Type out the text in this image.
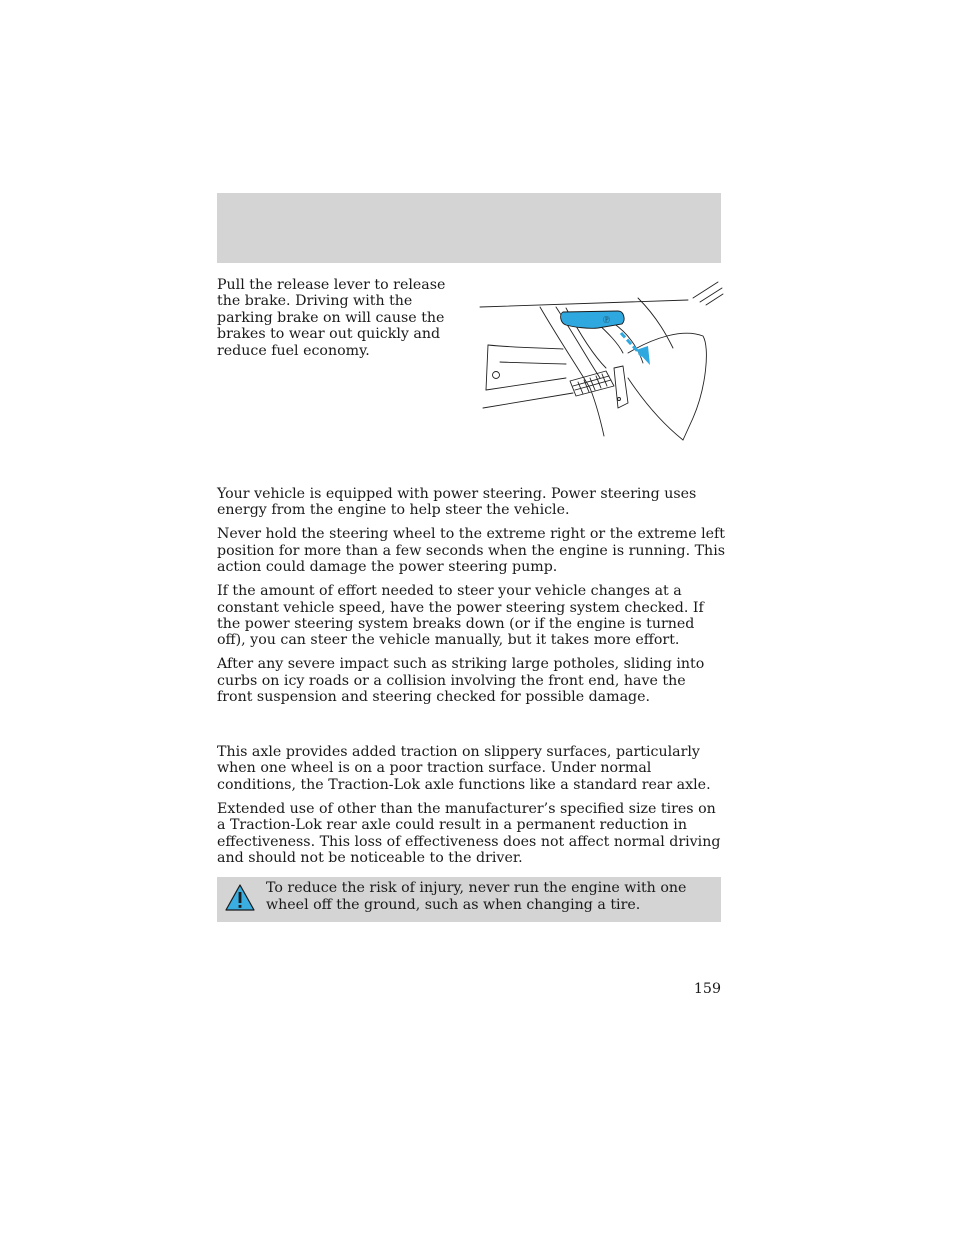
Pull the release lever to release the brake. Driving with the parking brake on will cause the brakes to wear out quickly and reduce fuel economy.
Ⓟ

Your vehicle is equipped with power steering. Power steering uses energy from the engine to help steer the vehicle.

Never hold the steering wheel to the extreme right or the extreme left position for more than a few seconds when the engine is running. This action could damage the power steering pump.

If the amount of effort needed to steer your vehicle changes at a constant vehicle speed, have the power steering system checked. If the power steering system breaks down (or if the engine is turned off), you can steer the vehicle manually, but it takes more effort.

After any severe impact such as striking large potholes, sliding into curbs on icy roads or a collision involving the front end, have the front suspension and steering checked for possible damage.

This axle provides added traction on slippery surfaces, particularly when one wheel is on a poor traction surface. Under normal conditions, the Traction-Lok axle functions like a standard rear axle.

Extended use of other than the manufacturer’s specified size tires on a Traction-Lok rear axle could result in a permanent reduction in effectiveness. This loss of effectiveness does not affect normal driving and should not be noticeable to the driver.

To reduce the risk of injury, never run the engine with one wheel off the ground, such as when changing a tire.
159
